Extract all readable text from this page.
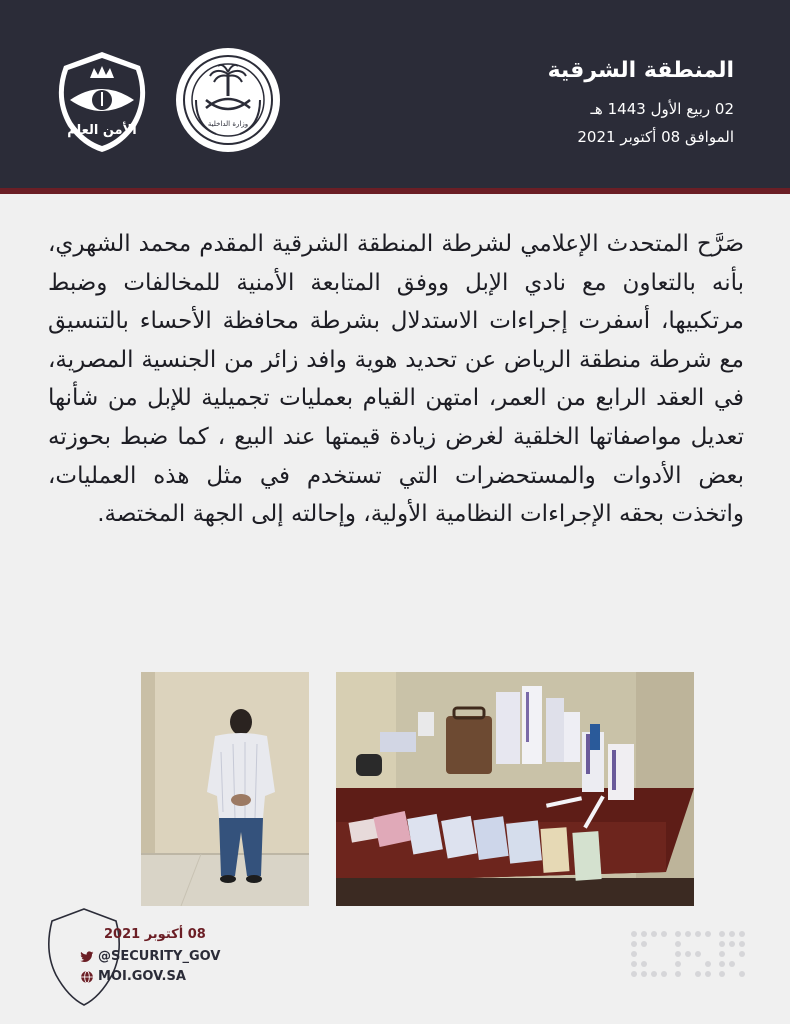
المنطقة الشرقية
02 ربيع الأول 1443 هـ
الموافق 08 أكتوبر 2021
وزارة الداخلية
الأمن العام
صَرَّح المتحدث الإعلامي لشرطة المنطقة الشرقية المقدم محمد الشهري، بأنه بالتعاون مع نادي الإبل ووفق المتابعة الأمنية للمخالفات وضبط مرتكبيها، أسفرت إجراءات الاستدلال بشرطة محافظة الأحساء بالتنسيق مع شرطة منطقة الرياض عن تحديد هوية وافد زائر من الجنسية المصرية، في العقد الرابع من العمر، امتهن القيام بعمليات تجميلية للإبل من شأنها تعديل مواصفاتها الخلقية لغرض زيادة قيمتها عند البيع ، كما ضبط بحوزته بعض الأدوات والمستحضرات التي تستخدم في مثل هذه العمليات، واتخذت بحقه الإجراءات النظامية الأولية، وإحالته إلى الجهة المختصة.
08 أكتوبر 2021
@SECURITY_GOV
MOI.GOV.SA
